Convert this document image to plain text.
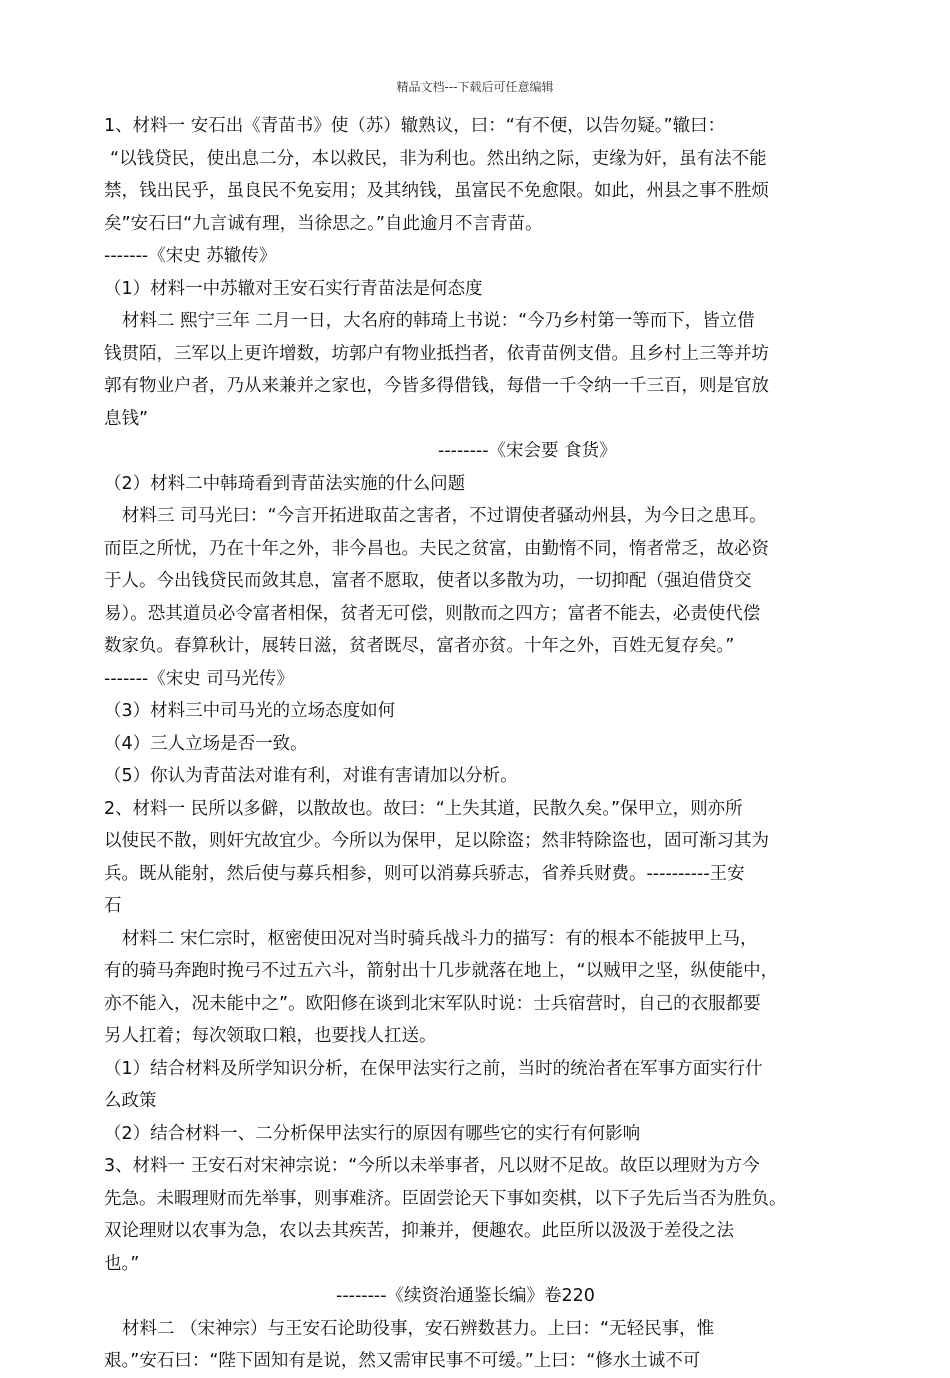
精品文档---下载后可任意编辑
1、材料一 安石出《青苗书》使（苏）辙熟议，曰：“有不便，以告勿疑。”辙曰：
“以钱贷民，使出息二分，本以救民，非为利也。然出纳之际，吏缘为奸，虽有法不能
禁，钱出民乎，虽良民不免妄用；及其纳钱，虽富民不免愈限。如此，州县之事不胜烦
矣”安石曰“九言诚有理，当徐思之。”自此逾月不言青苗。
-------《宋史 苏辙传》
（1）材料一中苏辙对王安石实行青苗法是何态度
材料二 熙宁三年 二月一日，大名府的韩琦上书说：“今乃乡村第一等而下，皆立借
钱贯陌，三军以上更许增数，坊郭户有物业抵挡者，依青苗例支借。且乡村上三等并坊
郭有物业户者，乃从来兼并之家也，今皆多得借钱，每借一千令纳一千三百，则是官放
息钱”
--------《宋会要 食货》
（2）材料二中韩琦看到青苗法实施的什么问题
材料三 司马光曰：“今言开拓进取苗之害者，不过谓使者骚动州县，为今日之患耳。
而臣之所忧，乃在十年之外，非今昌也。夫民之贫富，由勤惰不同，惰者常乏，故必资
于人。今出钱贷民而敛其息，富者不愿取，使者以多散为功，一切抑配（强迫借贷交
易）。恐其道员必令富者相保，贫者无可偿，则散而之四方；富者不能去，必责使代偿
数家负。春算秋计，展转日滋，贫者既尽，富者亦贫。十年之外，百姓无复存矣。”
-------《宋史 司马光传》
（3）材料三中司马光的立场态度如何
（4）三人立场是否一致。
（5）你认为青苗法对谁有利，对谁有害请加以分析。
2、材料一 民所以多僻，以散故也。故曰：“上失其道，民散久矣。”保甲立，则亦所
以使民不散，则奸宄故宜少。今所以为保甲，足以除盗；然非特除盗也，固可渐习其为
兵。既从能射，然后使与募兵相参，则可以消募兵骄志，省养兵财费。----------王安
石
材料二 宋仁宗时，枢密使田况对当时骑兵战斗力的描写：有的根本不能披甲上马，
有的骑马奔跑时挽弓不过五六斗，箭射出十几步就落在地上，“以贼甲之坚，纵使能中，
亦不能入，况未能中之”。欧阳修在谈到北宋军队时说：士兵宿营时，自己的衣服都要
另人扛着；每次领取口粮，也要找人扛送。
（1）结合材料及所学知识分析，在保甲法实行之前，当时的统治者在军事方面实行什
么政策
（2）结合材料一、二分析保甲法实行的原因有哪些它的实行有何影响
3、材料一 王安石对宋神宗说：“今所以未举事者，凡以财不足故。故臣以理财为方今
先急。未暇理财而先举事，则事难济。臣固尝论天下事如奕棋，以下子先后当否为胜负。
双论理财以农事为急，农以去其疾苦，抑兼并，便趣农。此臣所以汲汲于差役之法
也。”
--------《续资治通鉴长编》卷220
材料二 （宋神宗）与王安石论助役事，安石辨数甚力。上曰：“无轻民事，惟
艰。”安石曰：“陛下固知有是说，然又需审民事不可缓。”上曰：“修水土诚不可
